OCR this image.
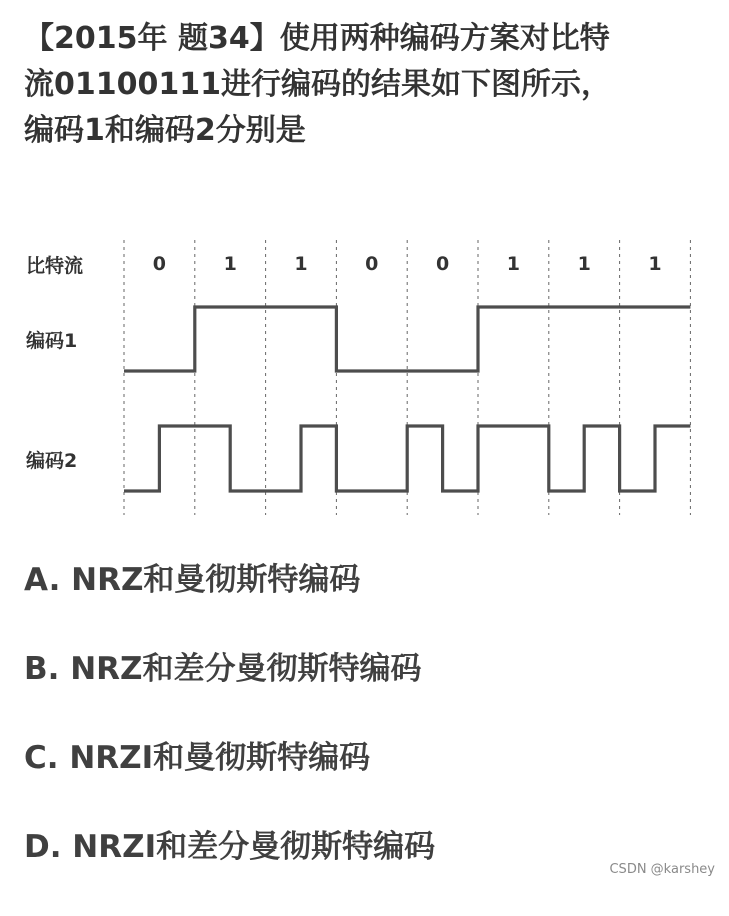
【2015年 题34】使用两种编码方案对比特
流01100111进行编码的结果如下图所示，
编码1和编码2分别是
比特流
编码1
编码2
0	1	1	0	0	1	1	1
A. NRZ和曼彻斯特编码
B. NRZ和差分曼彻斯特编码
C. NRZI和曼彻斯特编码
D. NRZI和差分曼彻斯特编码
CSDN @karshey
